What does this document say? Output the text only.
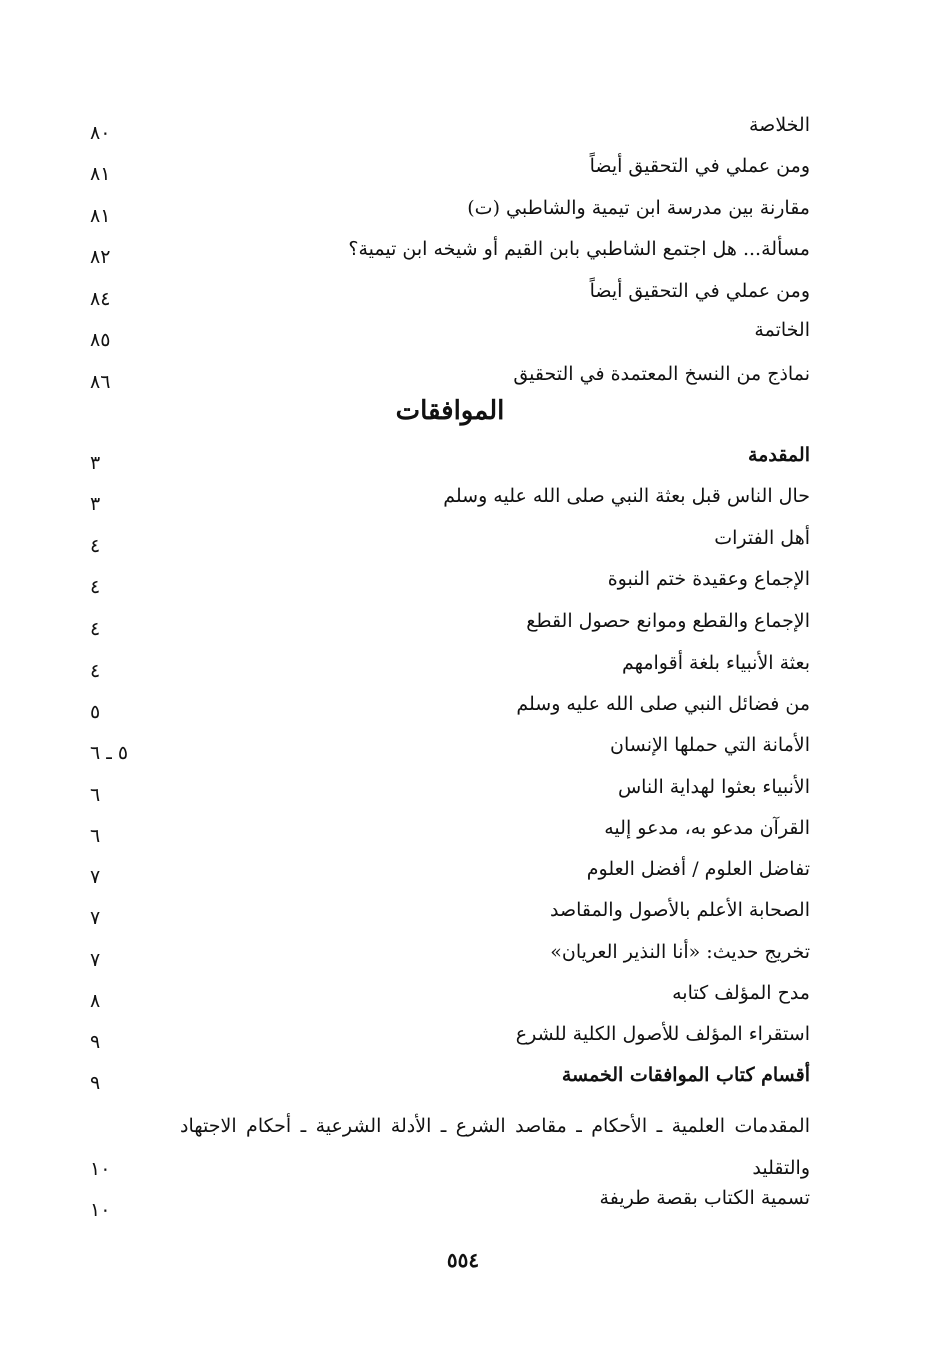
الخلاصة
٨٠
ومن عملي في التحقيق أيضاً
٨١
مقارنة بين مدرسة ابن تيمية والشاطبي (ت)
٨١
مسألة... هل اجتمع الشاطبي بابن القيم أو شيخه ابن تيمية؟
٨٢
ومن عملي في التحقيق أيضاً
٨٤
الخاتمة
٨٥
نماذج من النسخ المعتمدة في التحقيق
٨٦
الموافقات
المقدمة
٣
حال الناس قبل بعثة النبي صلى الله عليه وسلم
٣
أهل الفترات
٤
الإجماع وعقيدة ختم النبوة
٤
الإجماع والقطع وموانع حصول القطع
٤
بعثة الأنبياء بلغة أقوامهم
٤
من فضائل النبي صلى الله عليه وسلم
٥
الأمانة التي حملها الإنسان
٥ ـ ٦
الأنبياء بعثوا لهداية الناس
٦
القرآن مدعو به، مدعو إليه
٦
تفاضل العلوم / أفضل العلوم
٧
الصحابة الأعلم بالأصول والمقاصد
٧
تخريج حديث: «أنا النذير العريان»
٧
مدح المؤلف كتابه
٨
استقراء المؤلف للأصول الكلية للشرع
٩
أقسام كتاب الموافقات الخمسة
٩
المقدمات العلمية ـ الأحكام ـ مقاصد الشرع ـ الأدلة الشرعية ـ أحكام الاجتهاد والتقليد
١٠
تسمية الكتاب بقصة طريفة
١٠
٥٥٤
